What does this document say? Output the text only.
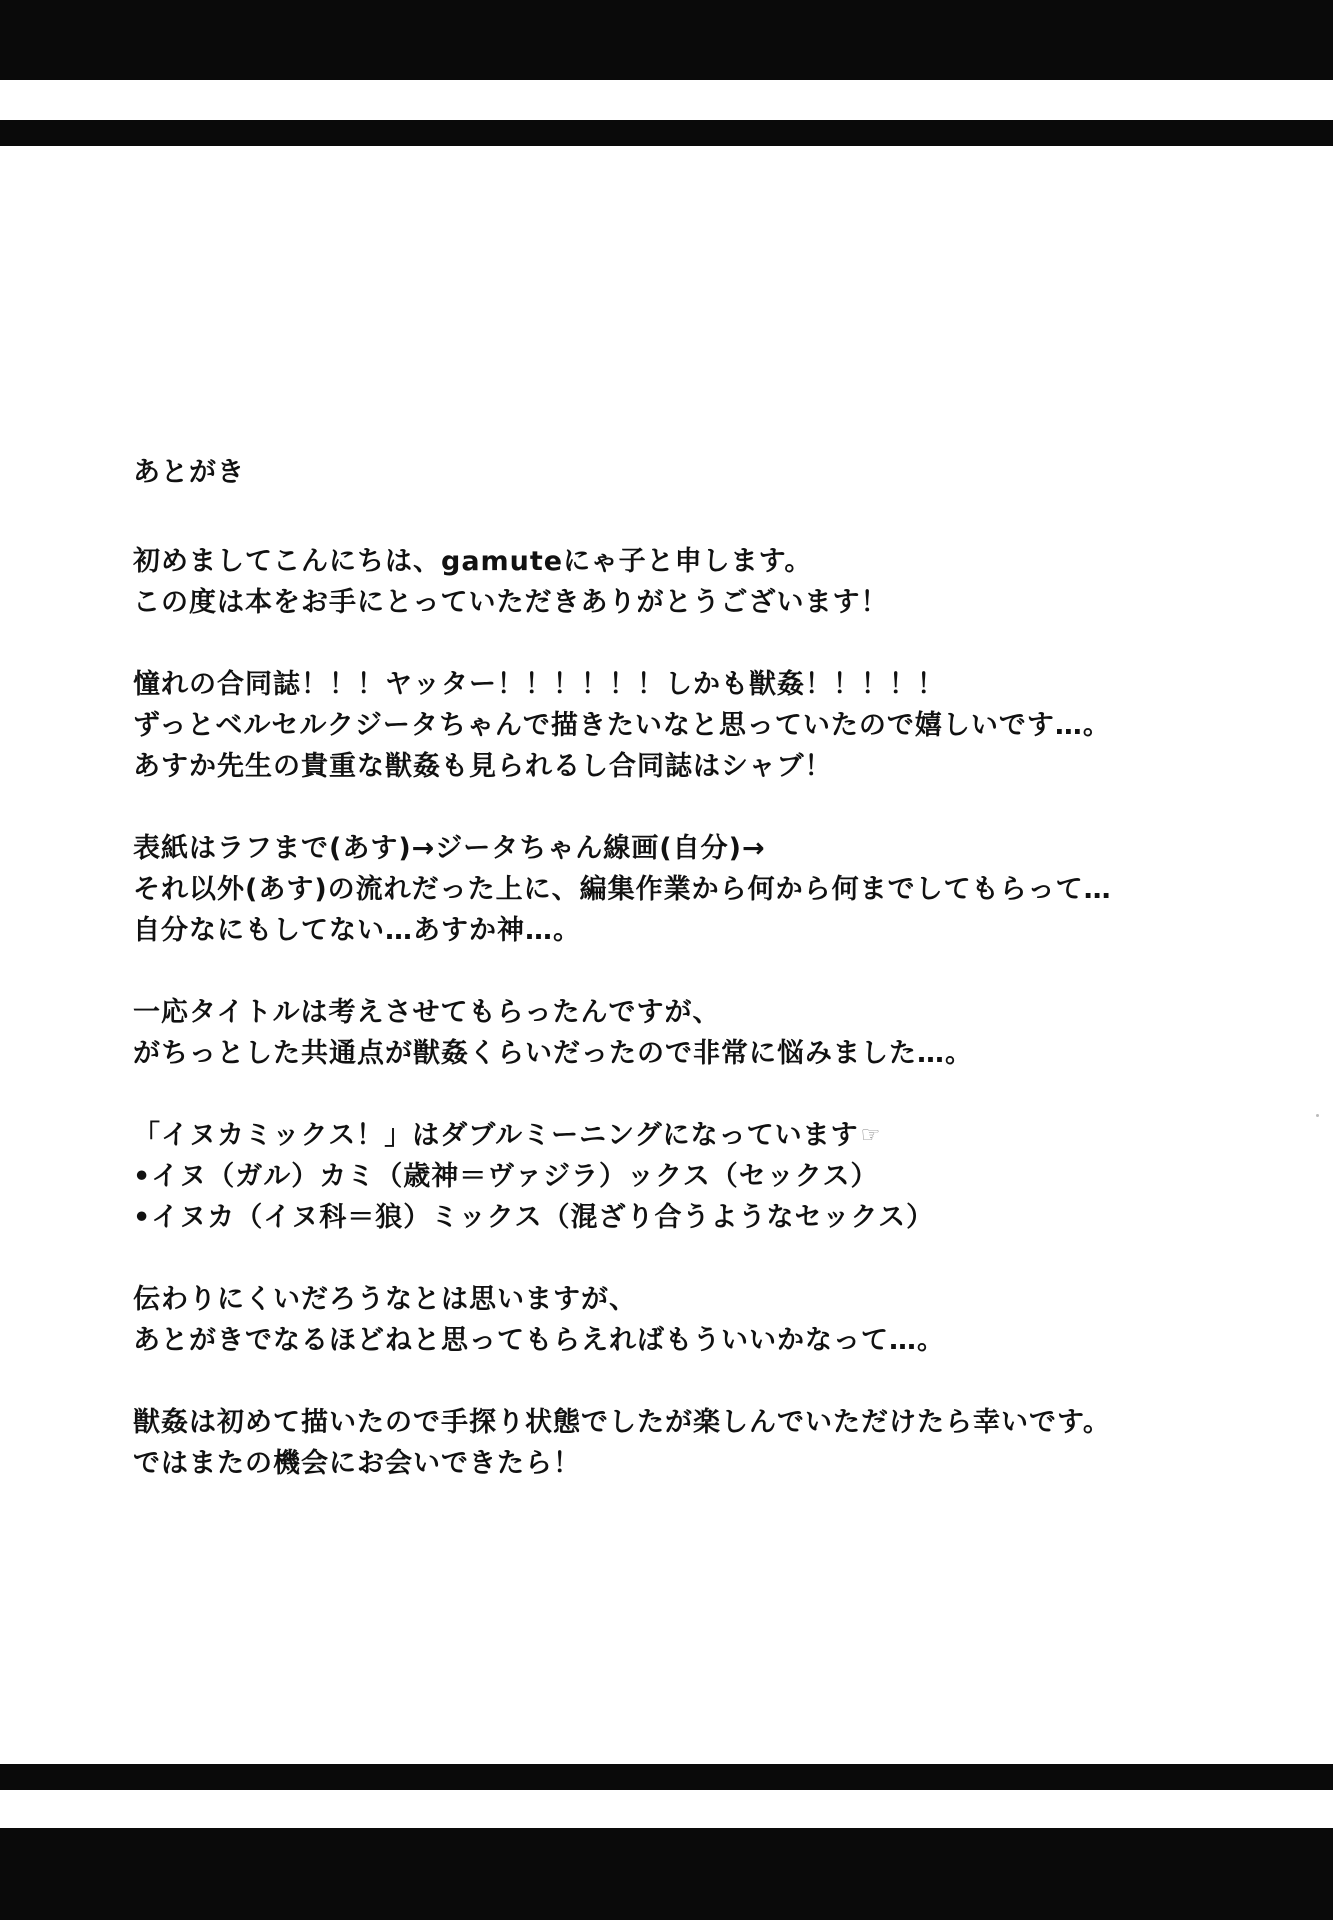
あとがき
初めましてこんにちは、gamuteにゃ子と申します。
この度は本をお手にとっていただきありがとうございます！
憧れの合同誌！！！ヤッター！！！！！！しかも獣姦！！！！！
ずっとベルセルクジータちゃんで描きたいなと思っていたので嬉しいです…。
あすか先生の貴重な獣姦も見られるし合同誌はシャブ！
表紙はラフまで(あす)→ジータちゃん線画(自分)→
それ以外(あす)の流れだった上に、編集作業から何から何までしてもらって…
自分なにもしてない…あすか神…。
一応タイトルは考えさせてもらったんですが、
がちっとした共通点が獣姦くらいだったので非常に悩みました…。
「イヌカミックス！」はダブルミーニングになっています☞
•イヌ（ガル）カミ（歳神＝ヴァジラ）ックス（セックス）
•イヌカ（イヌ科＝狼）ミックス（混ざり合うようなセックス）
伝わりにくいだろうなとは思いますが、
あとがきでなるほどねと思ってもらえればもういいかなって…。
獣姦は初めて描いたので手探り状態でしたが楽しんでいただけたら幸いです。
ではまたの機会にお会いできたら！
